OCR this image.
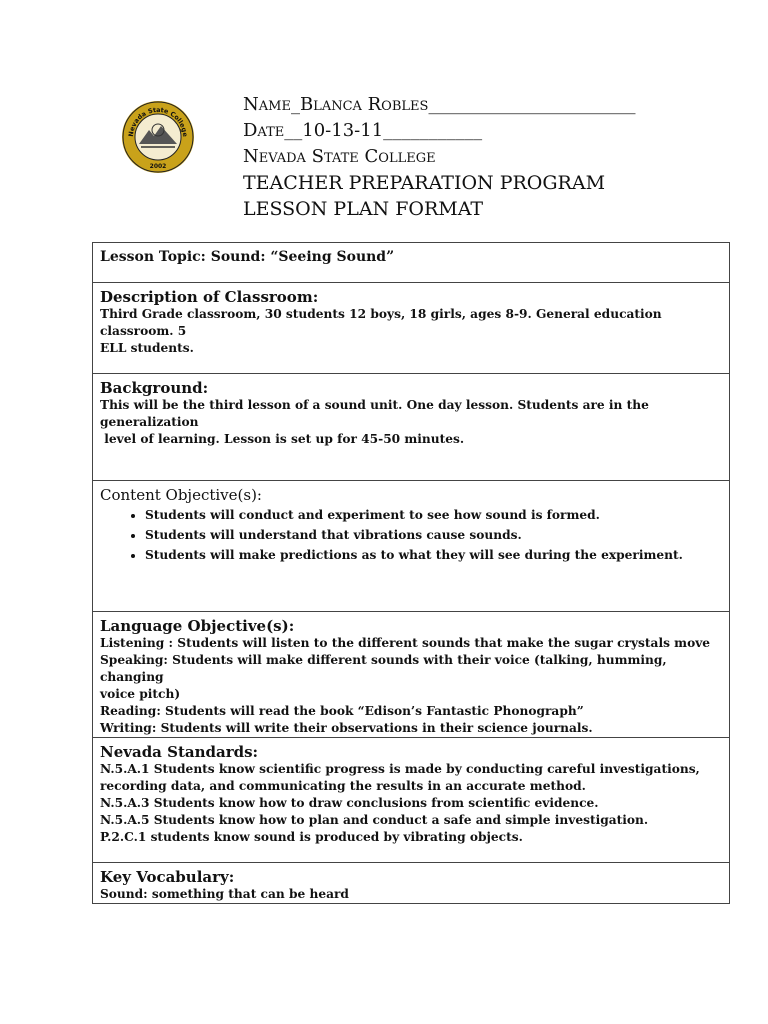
Nevada State College
2002
Name_Blanca Robles_______________________
Date__10-13-11___________
Nevada State College
TEACHER PREPARATION PROGRAM
LESSON PLAN FORMAT
Lesson Topic: Sound: “Seeing Sound”

Description of Classroom:
Third Grade classroom, 30 students 12 boys, 18 girls, ages 8-9. General education classroom. 5
ELL students.

Background:
This will be the third lesson of a sound unit. One day lesson. Students are in the generalization
level of learning. Lesson is set up for 45-50 minutes.

Content Objective(s):
• Students will conduct and experiment to see how sound is formed.
• Students will understand that vibrations cause sounds.
• Students will make predictions as to what they will see during the experiment.

Language Objective(s):
Listening : Students will listen to the different sounds that make the sugar crystals move
Speaking: Students will make different sounds with their voice (talking, humming, changing
voice pitch)
Reading: Students will read the book “Edison’s Fantastic Phonograph”
Writing: Students will write their observations in their science journals.

Nevada Standards:
N.5.A.1 Students know scientific progress is made by conducting careful investigations,
recording data, and communicating the results in an accurate method.
N.5.A.3 Students know how to draw conclusions from scientific evidence.
N.5.A.5 Students know how to plan and conduct a safe and simple investigation.
P.2.C.1 students know sound is produced by vibrating objects.

Key Vocabulary:
Sound: something that can be heard
